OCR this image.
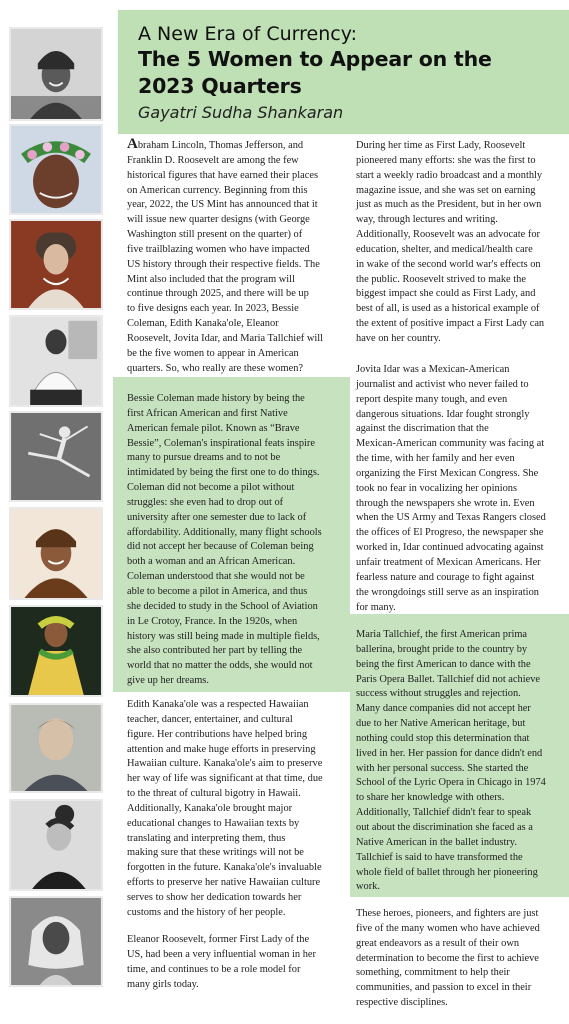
A New Era of Currency:
The 5 Women to Appear on the
2023 Quarters
Gayatri Sudha Shankaran

Abraham Lincoln, Thomas Jefferson, and

Franklin D. Roosevelt are among the few

historical figures that have earned their places

on American currency. Beginning from this

year, 2022, the US Mint has announced that it

will issue new quarter designs (with George

Washington still present on the quarter) of

five trailblazing women who have impacted

US history through their respective fields. The

Mint also included that the program will

continue through 2025, and there will be up

to five designs each year. In 2023, Bessie

Coleman, Edith Kanaka'ole, Eleanor

Roosevelt, Jovita Idar, and Maria Tallchief will

be the five women to appear in American

quarters. So, who really are these women?

Bessie Coleman made history by being the

first African American and first Native

American female pilot. Known as “Brave

Bessie”, Coleman's inspirational feats inspire

many to pursue dreams and to not be

intimidated by being the first one to do things.

Coleman did not become a pilot without

struggles: she even had to drop out of

university after one semester due to lack of

affordability. Additionally, many flight schools

did not accept her because of Coleman being

both a woman and an African American.

Coleman understood that she would not be

able to become a pilot in America, and thus

she decided to study in the School of Aviation

in Le Crotoy, France. In the 1920s, when

history was still being made in multiple fields,

she also contributed her part by telling the

world that no matter the odds, she would not

give up her dreams.

Edith Kanaka'ole was a respected Hawaiian

teacher, dancer, entertainer, and cultural

figure. Her contributions have helped bring

attention and make huge efforts in preserving

Hawaiian culture. Kanaka'ole's aim to preserve

her way of life was significant at that time, due

to the threat of cultural bigotry in Hawaii.

Additionally, Kanaka'ole brought major

educational changes to Hawaiian texts by

translating and interpreting them, thus

making sure that these writings will not be

forgotten in the future. Kanaka'ole's invaluable

efforts to preserve her native Hawaiian culture

serves to show her dedication towards her

customs and the history of her people.

Eleanor Roosevelt, former First Lady of the

US, had been a very influential woman in her

time, and continues to be a role model for

many girls today.

During her time as First Lady, Roosevelt

pioneered many efforts: she was the first to

start a weekly radio broadcast and a monthly

magazine issue, and she was set on earning

just as much as the President, but in her own

way, through lectures and writing.

Additionally, Roosevelt was an advocate for

education, shelter, and medical/health care

in wake of the second world war's effects on

the public. Roosevelt strived to make the

biggest impact she could as First Lady, and

best of all, is used as a historical example of

the extent of positive impact a First Lady can

have on her country.

Jovita Idar was a Mexican-American

journalist and activist who never failed to

report despite many tough, and even

dangerous situations. Idar fought strongly

against the discrimation that the

Mexican-American community was facing at

the time, with her family and her even

organizing the First Mexican Congress. She

took no fear in vocalizing her opinions

through the newspapers she wrote in. Even

when the US Army and Texas Rangers closed

the offices of El Progreso, the newspaper she

worked in, Idar continued advocating against

unfair treatment of Mexican Americans. Her

fearless nature and courage to fight against

the wrongdoings still serve as an inspiration

for many.

Maria Tallchief, the first American prima

ballerina, brought pride to the country by

being the first American to dance with the

Paris Opera Ballet. Tallchief did not achieve

success without struggles and rejection.

Many dance companies did not accept her

due to her Native American heritage, but

nothing could stop this determination that

lived in her. Her passion for dance didn't end

with her personal success. She started the

School of the Lyric Opera in Chicago in 1974

to share her knowledge with others.

Additionally, Tallchief didn't fear to speak

out about the discrimination she faced as a

Native American in the ballet industry.

Tallchief is said to have transformed the

whole field of ballet through her pioneering

work.

These heroes, pioneers, and fighters are just

five of the many women who have achieved

great endeavors as a result of their own

determination to become the first to achieve

something, commitment to help their

communities, and passion to excel in their

respective disciplines.
